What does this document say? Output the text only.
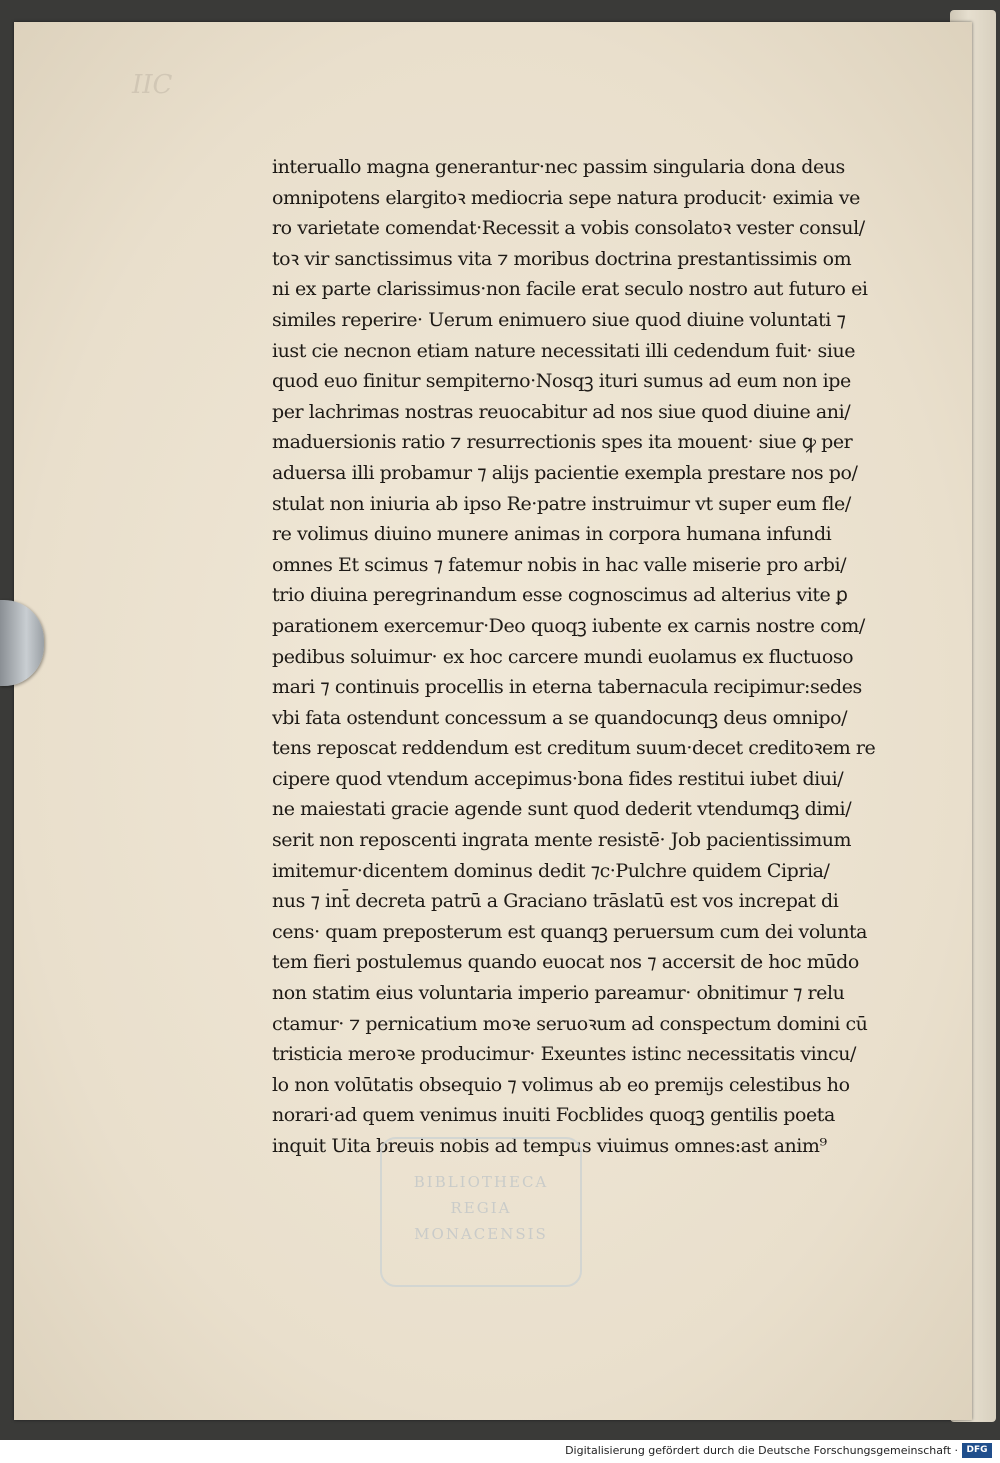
IIC
interuallo magna generantur·nec passim singularia dona deus
omnipotens elargitoꝛ mediocria sepe natura producit· eximia ve
ro varietate comendat·Recessit a vobis consolatoꝛ vester consul/
toꝛ vir sanctissimus vita ⁊ moribus doctrina prestantissimis om
ni ex parte clarissimus·non facile erat seculo nostro aut futuro ei
similes reperire· Uerum enimuero siue quod diuine voluntati ⁊
iust cie necnon etiam nature necessitati illi cedendum fuit· siue
quod euo finitur sempiterno·Nosqꝫ ituri sumus ad eum non ipe
per lachrimas nostras reuocabitur ad nos siue quod diuine ani/
maduersionis ratio ⁊ resurrectionis spes ita mouent· siue ꝙ per
aduersa illi probamur ⁊ alijs pacientie exempla prestare nos po/
stulat non iniuria ab ipso Re·patre instruimur vt super eum fle/
re volimus diuino munere animas in corpora humana infundi
omnes Et scimus ⁊ fatemur nobis in hac valle miserie pro arbi/
trio diuina peregrinandum esse cognoscimus ad alterius vite ꝑ
parationem exercemur·Deo quoqꝫ iubente ex carnis nostre com/
pedibus soluimur· ex hoc carcere mundi euolamus ex fluctuoso
mari ⁊ continuis procellis in eterna tabernacula recipimur:sedes
vbi fata ostendunt concessum a se quandocunqꝫ deus omnipo/
tens reposcat reddendum est creditum suum·decet creditoꝛem re
cipere quod vtendum accepimus·bona fides restitui iubet diui/
ne maiestati gracie agende sunt quod dederit vtendumqꝫ dimi/
serit non reposcenti ingrata mente resistē̄· Job pacientissimum
imitemur·dicentem dominus dedit ⁊c·Pulchre quidem Cipria/
nus ⁊ int̄ decreta patrū a Graciano trāslatū est vos increpat di
cens· quam preposterum est quanqꝫ peruersum cum dei volunta
tem fieri postulemus quando euocat nos ⁊ accersit de hoc mūdo
non statim eius voluntaria imperio pareamur· obnitimur ⁊ relu
ctamur· ⁊ pernicatium moꝛe seruoꝛum ad conspectum domini cū
tristicia meroꝛe producimur· Exeuntes istinc necessitatis vincu/
lo non volūtatis obsequio ⁊ volimus ab eo premijs celestibus ho
norari·ad quem venimus inuiti Focblides quoqꝫ gentilis poeta
inquit Uita breuis nobis ad tempus viuimus omnes:ast anim⁹
BIBLIOTHECA
REGIA
MONACENSIS
Digitalisierung gefördert durch die Deutsche Forschungsgemeinschaft · DFG
